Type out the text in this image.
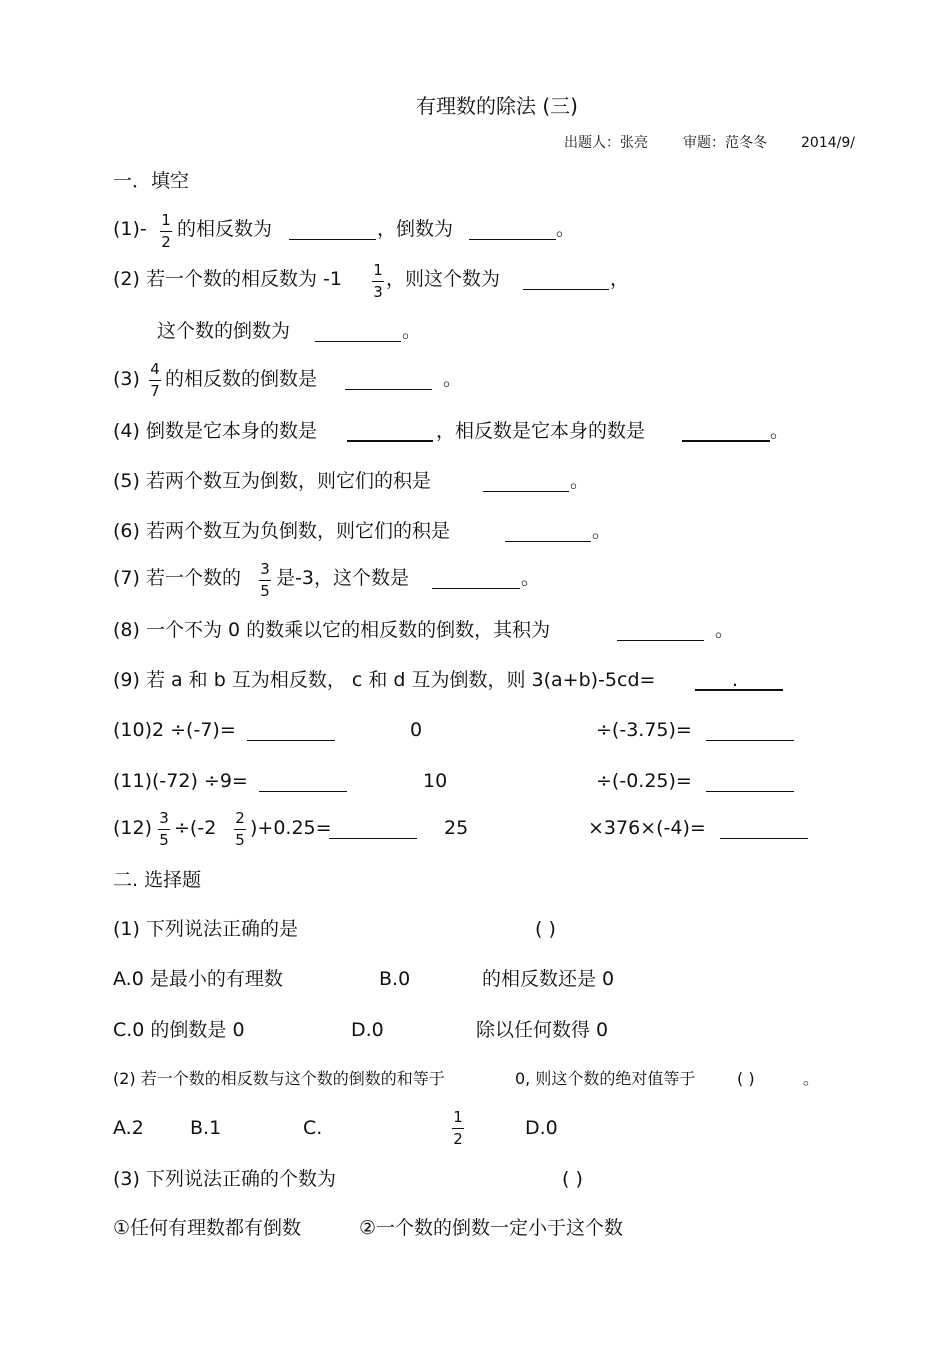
有理数的除法 (三)
出题人：张亮	审题：范冬冬 2014/9/
一．填空
(1)- 1
2
的相反数为	，倒数为	。
(2) 若一个数的相反数为 -1 1
3
，则这个数为	，
这个数的倒数为	。
(3) 4
7
的相反数的倒数是	。
(4) 倒数是它本身的数是	，相反数是它本身的数是	。
(5) 若两个数互为倒数，则它们的积是	。
(6) 若两个数互为负倒数，则它们的积是	。
(7) 若一个数的 3
5
是-3，这个数是	。
(8) 一个不为 0 的数乘以它的相反数的倒数，其积为	。
(9) 若 a 和 b 互为相反数， c 和 d 互为倒数，则 3(a+b)-5cd=	.
(10)2 ÷(-7)=	0	÷(-3.75)=
(11)(-72) ÷9=	10	÷(-0.25)=
(12) 3
5
÷(-2 2
5
)+0.25=	25	×376×(-4)=
二. 选择题
(1) 下列说法正确的是	( )
A.0 是最小的有理数	B.0	的相反数还是 0
C.0 的倒数是 0	D.0	除以任何数得 0
(2) 若一个数的相反数与这个数的倒数的和等于	0, 则这个数的绝对值等于	( )	。
A.2 B.1	C.	1
2	D.0
(3) 下列说法正确的个数为	( )
①任何有理数都有倒数	②一个数的倒数一定小于这个数
